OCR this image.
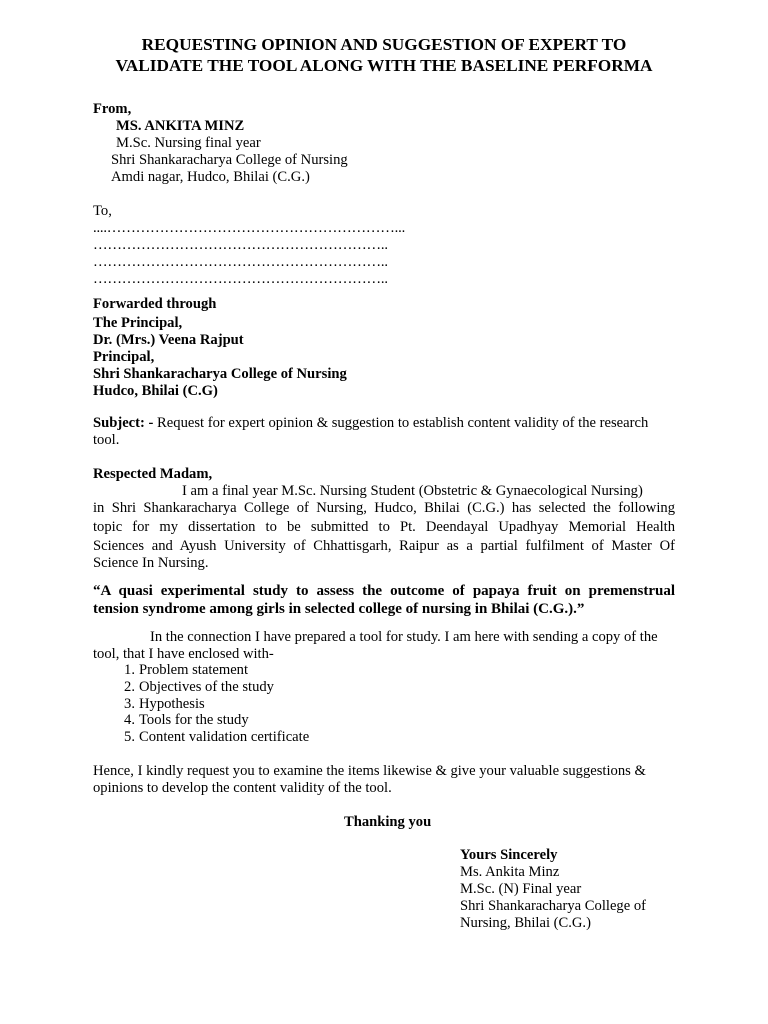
REQUESTING OPINION AND SUGGESTION OF EXPERT TO
VALIDATE THE TOOL ALONG WITH THE BASELINE PERFORMA
From,
MS. ANKITA MINZ
M.Sc. Nursing final year
Shri Shankaracharya College of Nursing
Amdi nagar, Hudco, Bhilai (C.G.)
To,
....……………………………………………………...
……………………………………………………..
……………………………………………………..
……………………………………………………..
Forwarded through
The Principal,
Dr. (Mrs.) Veena Rajput
Principal,
Shri Shankaracharya College of Nursing
Hudco, Bhilai (C.G)
Subject: - Request for expert opinion & suggestion to establish content validity of the research
tool.
Respected Madam,
I am a final year M.Sc. Nursing Student (Obstetric & Gynaecological Nursing)
in Shri Shankaracharya College of Nursing, Hudco, Bhilai (C.G.) has selected the following
topic for my dissertation to be submitted to Pt. Deendayal Upadhyay Memorial Health
Sciences and Ayush University of Chhattisgarh, Raipur as a partial fulfilment of Master Of
Science In Nursing.
“A quasi experimental study to assess the outcome of papaya fruit on premenstrual
tension syndrome among girls in selected college of nursing in Bhilai (C.G.).”
In the connection I have prepared a tool for study. I am here with sending a copy of the
tool, that I have enclosed with-
1. Problem statement
2. Objectives of the study
3. Hypothesis
4. Tools for the study
5. Content validation certificate
Hence, I kindly request you to examine the items likewise & give your valuable suggestions &
opinions to develop the content validity of the tool.
Thanking you
Yours Sincerely
Ms. Ankita Minz
M.Sc. (N) Final year
Shri Shankaracharya College of
Nursing, Bhilai (C.G.)
